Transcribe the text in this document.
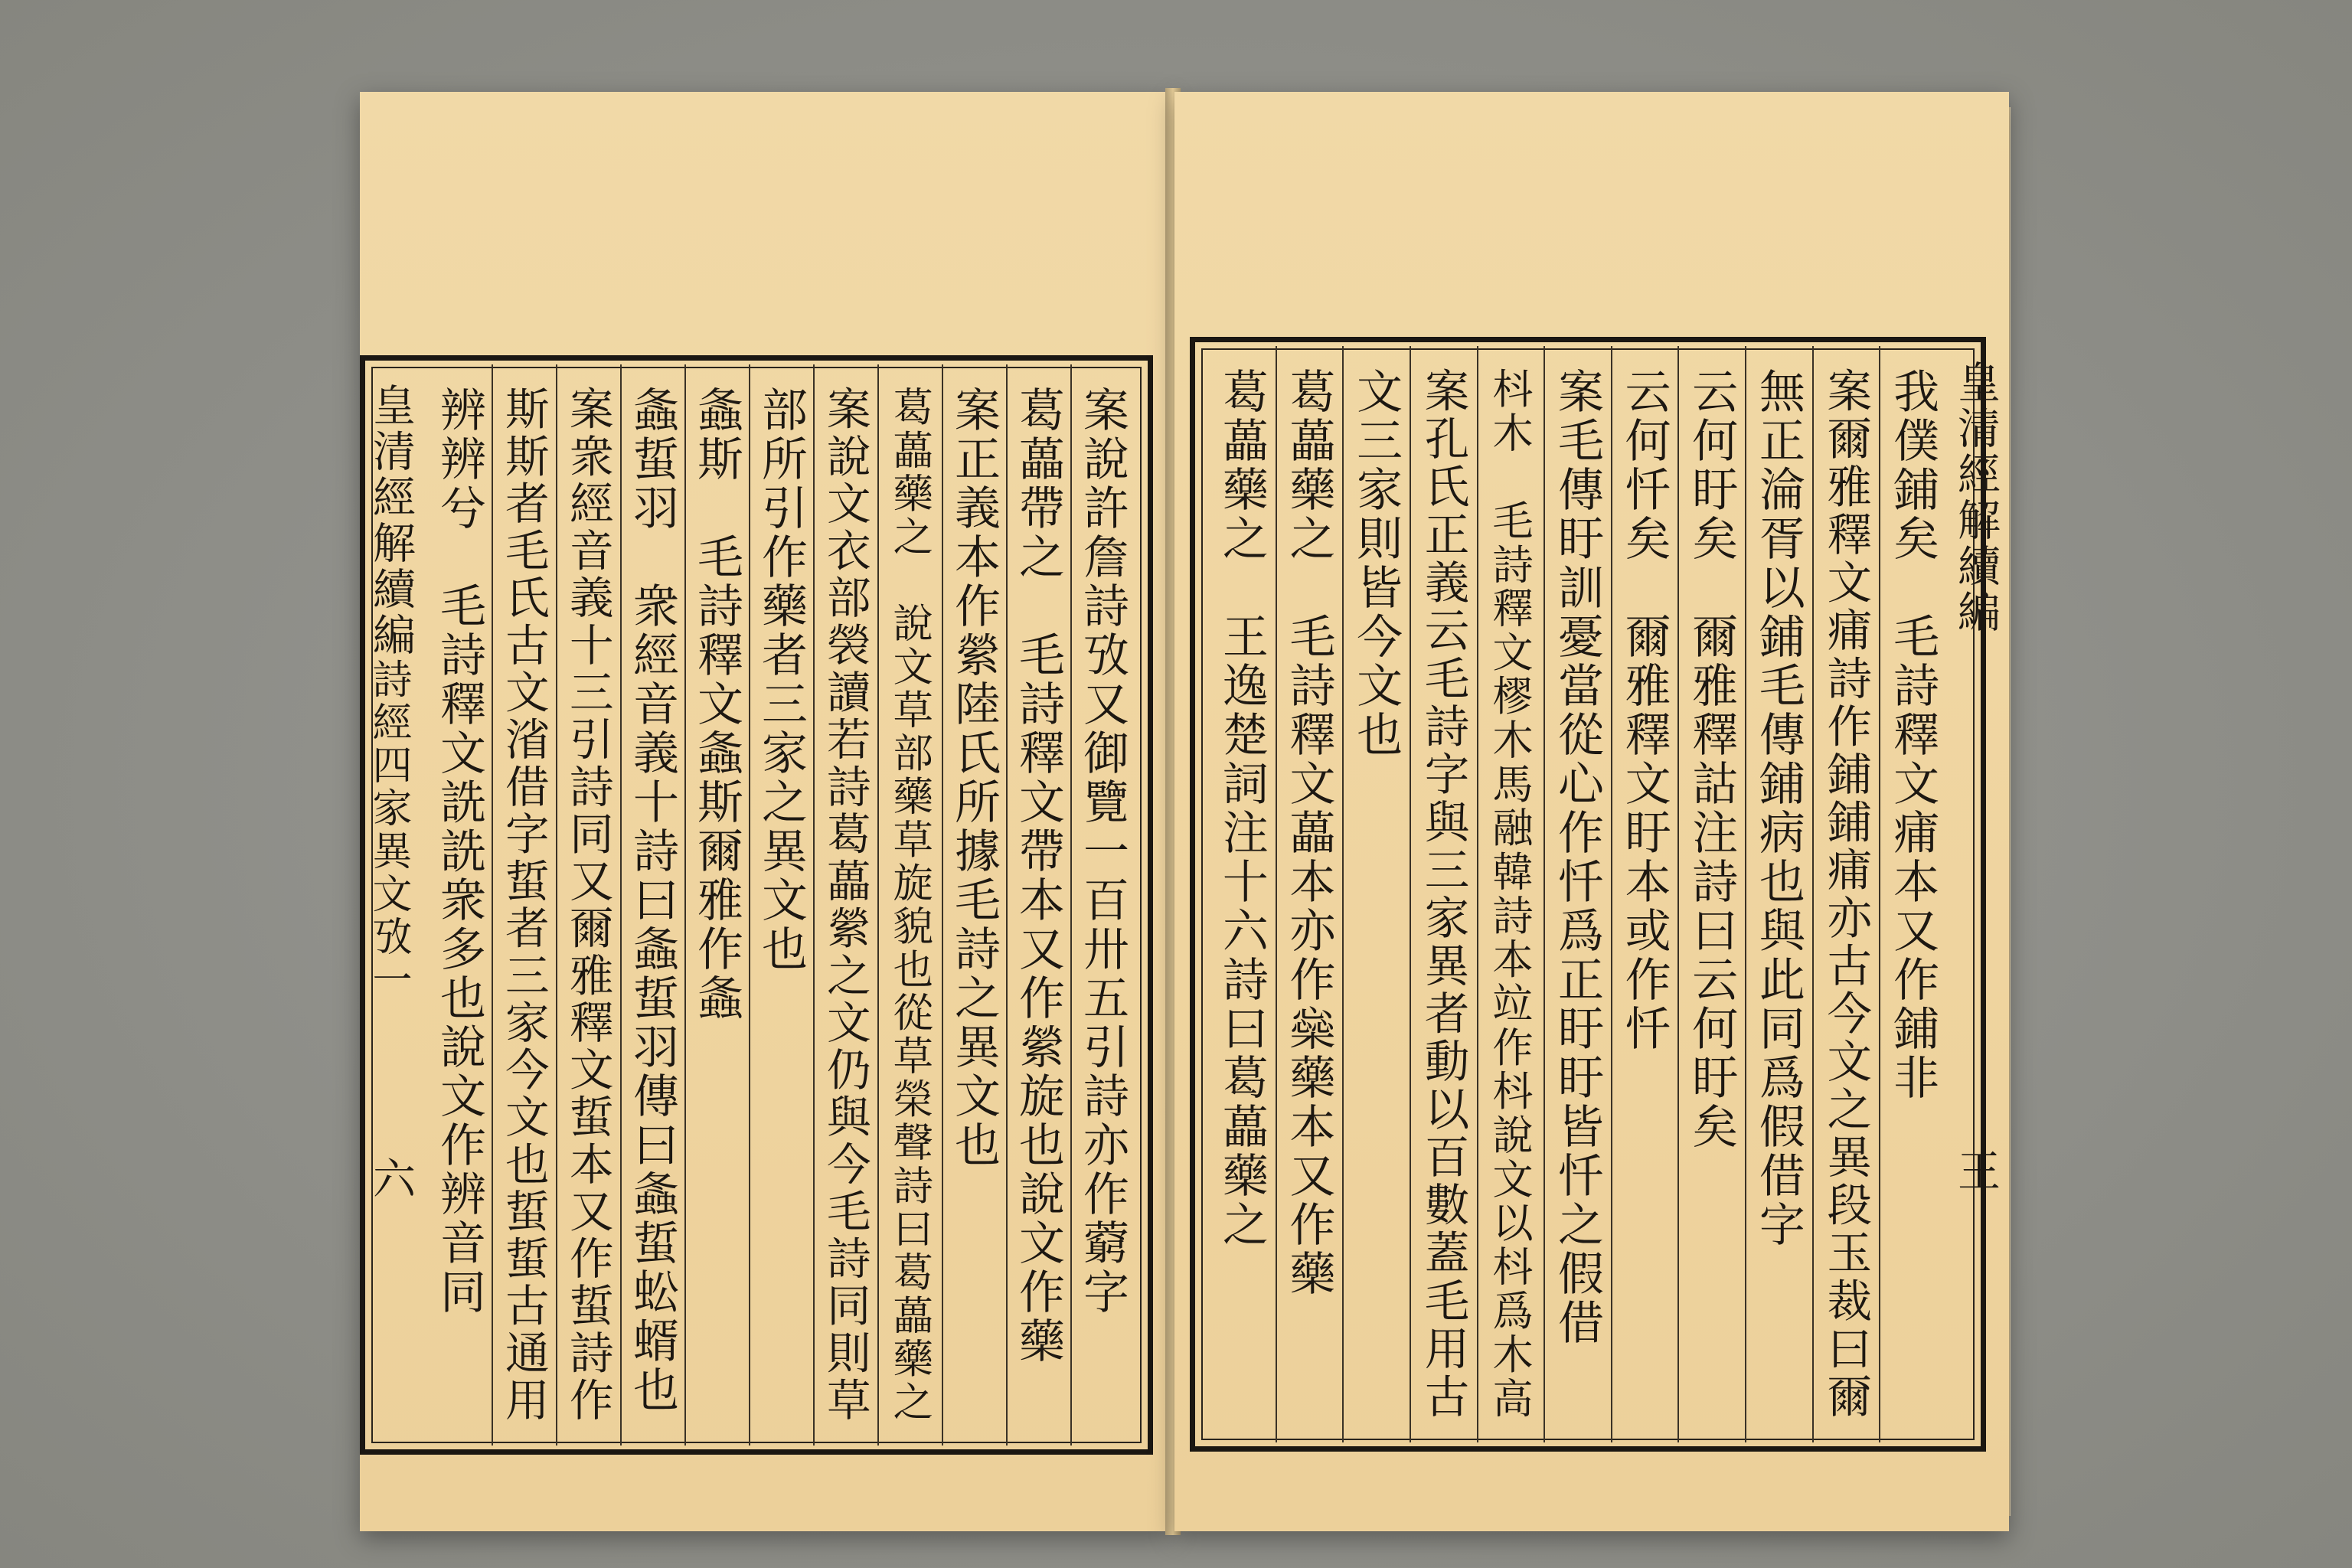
案說許詹詩攷又御覽一百卅五引詩亦作藭字
葛藟帶之　毛詩釋文帶本又作縈旋也說文作藥
案正義本作縈陸氏所據毛詩之異文也
葛藟藥之　說文草部藥草旋貌也從草榮聲詩曰葛藟藥之
案說文衣部褮讀若詩葛藟縈之文仍與今毛詩同則草
部所引作藥者三家之異文也
螽斯　毛詩釋文螽斯爾雅作螽
螽蜇羽　衆經音義十詩曰螽蜇羽傳曰螽蜇蚣蝑也
案衆經音義十三引詩同又爾雅釋文蜇本又作蜇詩作
斯斯者毛氏古文渻借字蜇者三家今文也蜇蜇古通用
辨辨兮　毛詩釋文詵詵衆多也說文作辨音同	我僕鋪矣　毛詩釋文痡本又作鋪非
案爾雅釋文痡詩作鋪鋪痡亦古今文之異段玉裁曰爾
無正淪胥以鋪毛傳鋪病也與此同爲假借字
云何盱矣　爾雅釋詁注詩曰云何盱矣
云何忏矣　爾雅釋文盱本或作忏
案毛傳盱訓憂當從心作忏爲正盱盱皆忏之假借
枓木　毛詩釋文樛木馬融韓詩本竝作枓說文以枓爲木高
案孔氏正義云毛詩字與三家異者動以百數蓋毛用古
文三家則皆今文也
葛藟藥之　毛詩釋文藟本亦作橤藥本又作藥
葛藟藥之　王逸楚詞注十六詩曰葛藟藥之
皇清經解續編
詩經四家異文攷一
六
皇清經解續編
王
